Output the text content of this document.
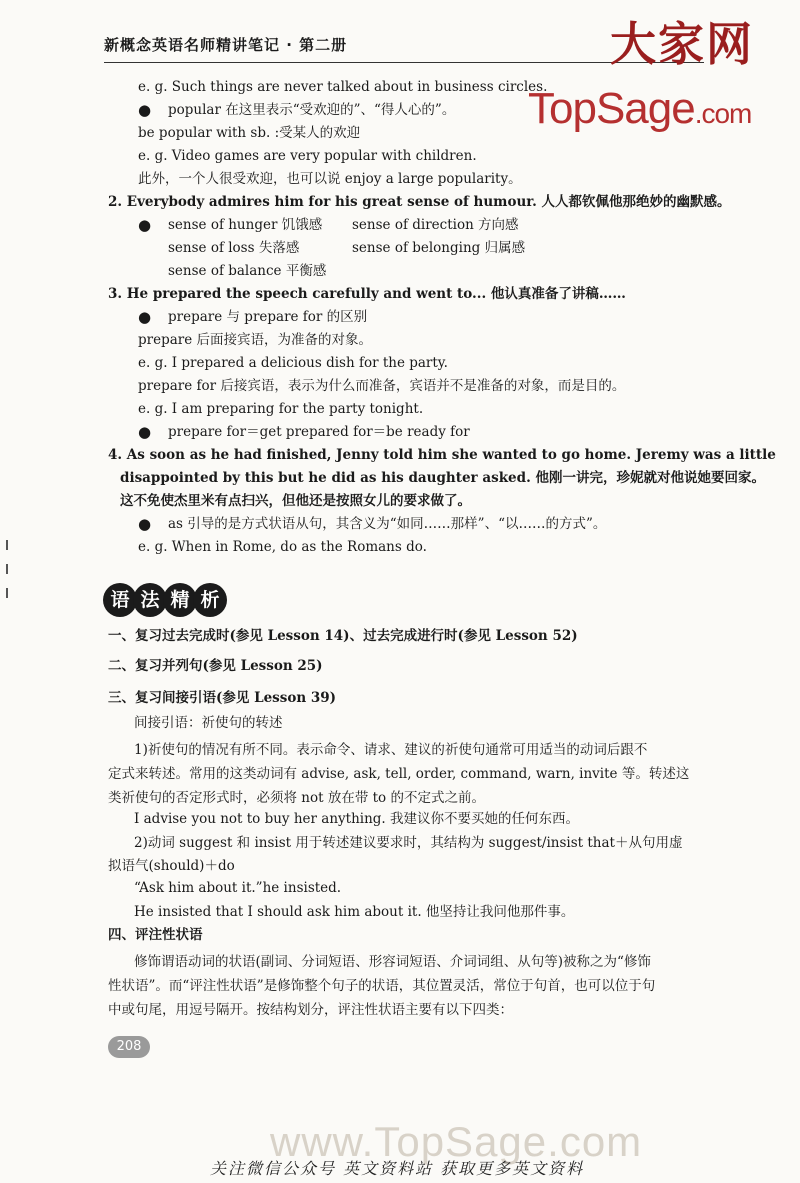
新概念英语名师精讲笔记 · 第二册	大家网
TopSage.com
e. g. Such things are never talked about in business circles.
● popular 在这里表示“受欢迎的”、“得人心的”。
be popular with sb. :受某人的欢迎
e. g. Video games are very popular with children.
此外，一个人很受欢迎，也可以说 enjoy a large popularity。
2. Everybody admires him for his great sense of humour. 人人都钦佩他那绝妙的幽默感。
● sense of hunger 饥饿感 sense of direction 方向感
sense of loss 失落感	sense of belonging 归属感
sense of balance 平衡感
3. He prepared the speech carefully and went to... 他认真准备了讲稿……
● prepare 与 prepare for 的区别
prepare 后面接宾语，为准备的对象。
e. g. I prepared a delicious dish for the party.
prepare for 后接宾语，表示为什么而准备，宾语并不是准备的对象，而是目的。
e. g. I am preparing for the party tonight.
● prepare for＝get prepared for＝be ready for
4. As soon as he had finished, Jenny told him she wanted to go home. Jeremy was a little
disappointed by this but he did as his daughter asked. 他刚一讲完，珍妮就对他说她要回家。
这不免使杰里米有点扫兴，但他还是按照女儿的要求做了。
● as 引导的是方式状语从句，其含义为“如同……那样”、“以……的方式”。
e. g. When in Rome, do as the Romans do.
语 法 精 析
一、复习过去完成时(参见 Lesson 14)、过去完成进行时(参见 Lesson 52)
二、复习并列句(参见 Lesson 25)
三、复习间接引语(参见 Lesson 39)
间接引语：祈使句的转述
1)祈使句的情况有所不同。表示命令、请求、建议的祈使句通常可用适当的动词后跟不
定式来转述。常用的这类动词有 advise, ask, tell, order, command, warn, invite 等。转述这
类祈使句的否定形式时，必须将 not 放在带 to 的不定式之前。
I advise you not to buy her anything. 我建议你不要买她的任何东西。
2)动词 suggest 和 insist 用于转述建议要求时，其结构为 suggest/insist that＋从句用虚
拟语气(should)＋do
“Ask him about it.”he insisted.
He insisted that I should ask him about it. 他坚持让我问他那件事。
四、评注性状语
修饰谓语动词的状语(副词、分词短语、形容词短语、介词词组、从句等)被称之为“修饰
性状语”。而“评注性状语”是修饰整个句子的状语，其位置灵活，常位于句首，也可以位于句
中或句尾，用逗号隔开。按结构划分，评注性状语主要有以下四类：
208
www.TopSage.com
关注微信公众号 英文资料站 获取更多英文资料
